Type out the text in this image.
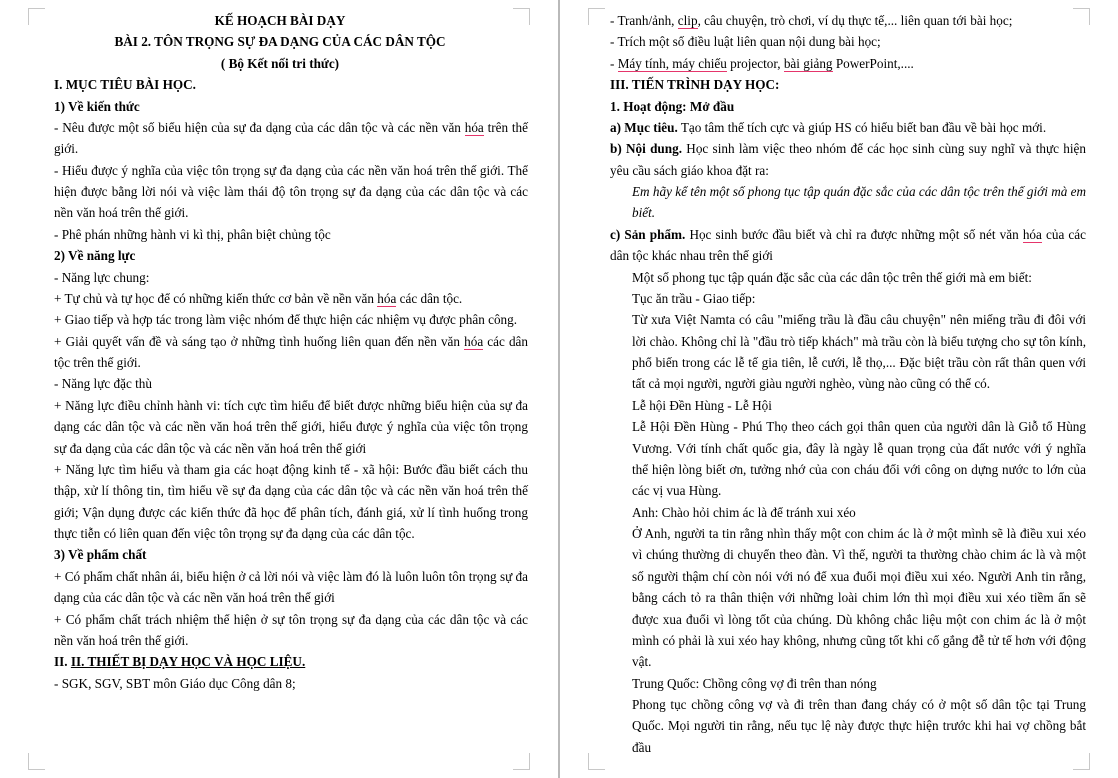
KẾ HOẠCH BÀI DẠY

BÀI 2. TÔN TRỌNG SỰ ĐA DẠNG CỦA CÁC DÂN TỘC

( Bộ Kết nối tri thức)

I. MỤC TIÊU BÀI HỌC.

1) Về kiến thức

- Nêu được một số biểu hiện của sự đa dạng của các dân tộc và các nền văn hóa trên thế giới.

- Hiểu được ý nghĩa của việc tôn trọng sự đa dạng của các nền văn hoá trên thế giới. Thể hiện được bằng lời nói và việc làm thái độ tôn trọng sự đa dạng của các dân tộc và các nền văn hoá trên thế giới.

- Phê phán những hành vi kì thị, phân biệt chủng tộc

2) Về năng lực

- Năng lực chung:

+ Tự chủ và tự học để có những kiến thức cơ bản về nền văn hóa các dân tộc.

+ Giao tiếp và hợp tác trong làm việc nhóm để thực hiện các nhiệm vụ được phân công.

+ Giải quyết vấn đề và sáng tạo ở những tình huống liên quan đến nền văn hóa các dân tộc trên thế giới.

- Năng lực đặc thù

+ Năng lực điều chỉnh hành vi: tích cực tìm hiểu để biết được những biểu hiện của sự đa dạng các dân tộc và các nền văn hoá trên thế giới, hiểu được ý nghĩa của việc tôn trọng sự đa dạng của các dân tộc và các nền văn hoá trên thế giới

+ Năng lực tìm hiểu và tham gia các hoạt động kinh tế - xã hội: Bước đầu biết cách thu thập, xử lí thông tin, tìm hiểu về sự đa dạng của các dân tộc và các nền văn hoá trên thế giới; Vận dụng được các kiến thức đã học để phân tích, đánh giá, xử lí tình huống trong thực tiễn có liên quan đến việc tôn trọng sự đa dạng của các dân tộc.

3) Về phẩm chất

+ Có phẩm chất nhân ái, biểu hiện ở cả lời nói và việc làm đó là luôn luôn tôn trọng sự đa dạng của các dân tộc và các nền văn hoá trên thế giới

+ Có phẩm chất trách nhiệm thể hiện ở sự tôn trọng sự đa dạng của các dân tộc và các nền văn hoá trên thế giới.

II. II. THIẾT BỊ DẠY HỌC VÀ HỌC LIỆU.

- SGK, SGV, SBT môn Giáo dục Công dân 8;

- Tranh/ảnh, clip, câu chuyện, trò chơi, ví dụ thực tế,... liên quan tới bài học;

- Trích một số điều luật liên quan nội dung bài học;

- Máy tính, máy chiếu projector, bài giảng PowerPoint,....

III. TIẾN TRÌNH DẠY HỌC:

1. Hoạt động: Mở đầu

a) Mục tiêu. Tạo tâm thế tích cực và giúp HS có hiểu biết ban đầu về bài học mới.

b) Nội dung. Học sinh làm việc theo nhóm để các học sinh cùng suy nghĩ và thực hiện yêu cầu sách giáo khoa đặt ra:

Em hãy kể tên một số phong tục tập quán đặc sắc của các dân tộc trên thế giới mà em biết.

c) Sản phẩm. Học sinh bước đầu biết và chỉ ra được những một số nét văn hóa của các dân tộc khác nhau trên thế giới

Một số phong tục tập quán đặc sắc của các dân tộc trên thế giới mà em biết:

Tục ăn trầu - Giao tiếp:

Từ xưa Việt Namta có câu "miếng trầu là đầu câu chuyện" nên miếng trầu đi đôi với lời chào. Không chỉ là "đầu trò tiếp khách" mà trầu còn là biểu tượng cho sự tôn kính, phổ biến trong các lễ tế gia tiên, lễ cưới, lễ thọ,... Đặc biệt trầu còn rất thân quen với tất cả mọi người, người giàu người nghèo, vùng nào cũng có thể có.

Lễ hội Đền Hùng - Lễ Hội

Lễ Hội Đền Hùng - Phú Thọ theo cách gọi thân quen của người dân là Giỗ tổ Hùng Vương. Với tính chất quốc gia, đây là ngày lễ quan trọng của đất nước với ý nghĩa thể hiện lòng biết ơn, tưởng nhớ của con cháu đối với công on dựng nước to lớn của các vị vua Hùng.

Anh: Chào hỏi chim ác là để tránh xui xéo

Ở Anh, người ta tin rằng nhìn thấy một con chim ác là ở một mình sẽ là điều xui xéo vì chúng thường di chuyển theo đàn. Vì thế, người ta thường chào chim ác là và một số người thậm chí còn nói với nó để xua đuổi mọi điều xui xéo. Người Anh tin rằng, bằng cách tỏ ra thân thiện với những loài chim lớn thì mọi điều xui xéo tiềm ẩn sẽ được xua đuổi vì lòng tốt của chúng. Dù không chắc liệu một con chim ác là ở một mình có phải là xui xéo hay không, nhưng cũng tốt khi cố gắng đễ tử tế hơn với động vật.

Trung Quốc: Chồng công vợ đi trên than nóng

Phong tục chồng công vợ và đi trên than đang cháy có ở một số dân tộc tại Trung Quốc. Mọi người tin rằng, nếu tục lệ này được thực hiện trước khi hai vợ chồng bắt đầu
